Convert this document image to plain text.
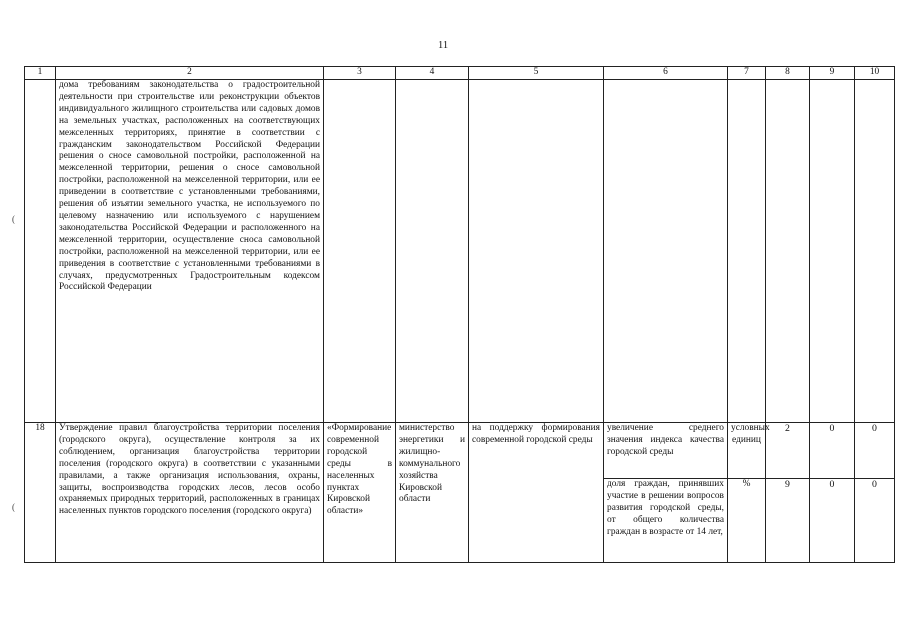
11
(
(
1	2	3	4	5	6	7	8	9	10
	дома требованиям законодательства о градостроительной деятельности при строительстве или реконструкции объектов индивидуального жилищного строительства или садовых домов на земельных участках, расположенных на соответствующих межселенных территориях, принятие в соответствии с гражданским законодательством Российской Федерации решения о сносе самовольной постройки, расположенной на межселенной территории, решения о сносе самовольной постройки, расположенной на межселенной территории, или ее приведении в соответствие с установленными требованиями, решения об изъятии земельного участка, не используемого по целевому назначению или используемого с нарушением законодательства Российской Федерации и расположенного на межселенной территории, осуществление сноса самовольной постройки, расположенной на межселенной территории, или ее приведения в соответствие с установленными требованиями в случаях, предусмотренных Градостроительным кодексом Российской Федерации								
18	Утверждение правил благоустройства территории поселения (городского округа), осуществление контроля за их соблюдением, организация благоустройства территории поселения (городского округа) в соответствии с указанными правилами, а также организация использования, охраны, защиты, воспроизводства городских лесов, лесов особо охраняемых природных территорий, расположенных в границах населенных пунктов городского поселения (городского округа)	«Формирование современной городской среды в населенных пунктах Кировской области»	министерство энергетики и жилищно-коммунального хозяйства Кировской области	на поддержку формирования современной городской среды	увеличение среднего значения индекса качества городской среды	условных единиц	2	0	0
					доля граждан, принявших участие в решении вопросов развития городской среды, от общего количества граждан в возрасте от 14 лет,	%	9	0	0
